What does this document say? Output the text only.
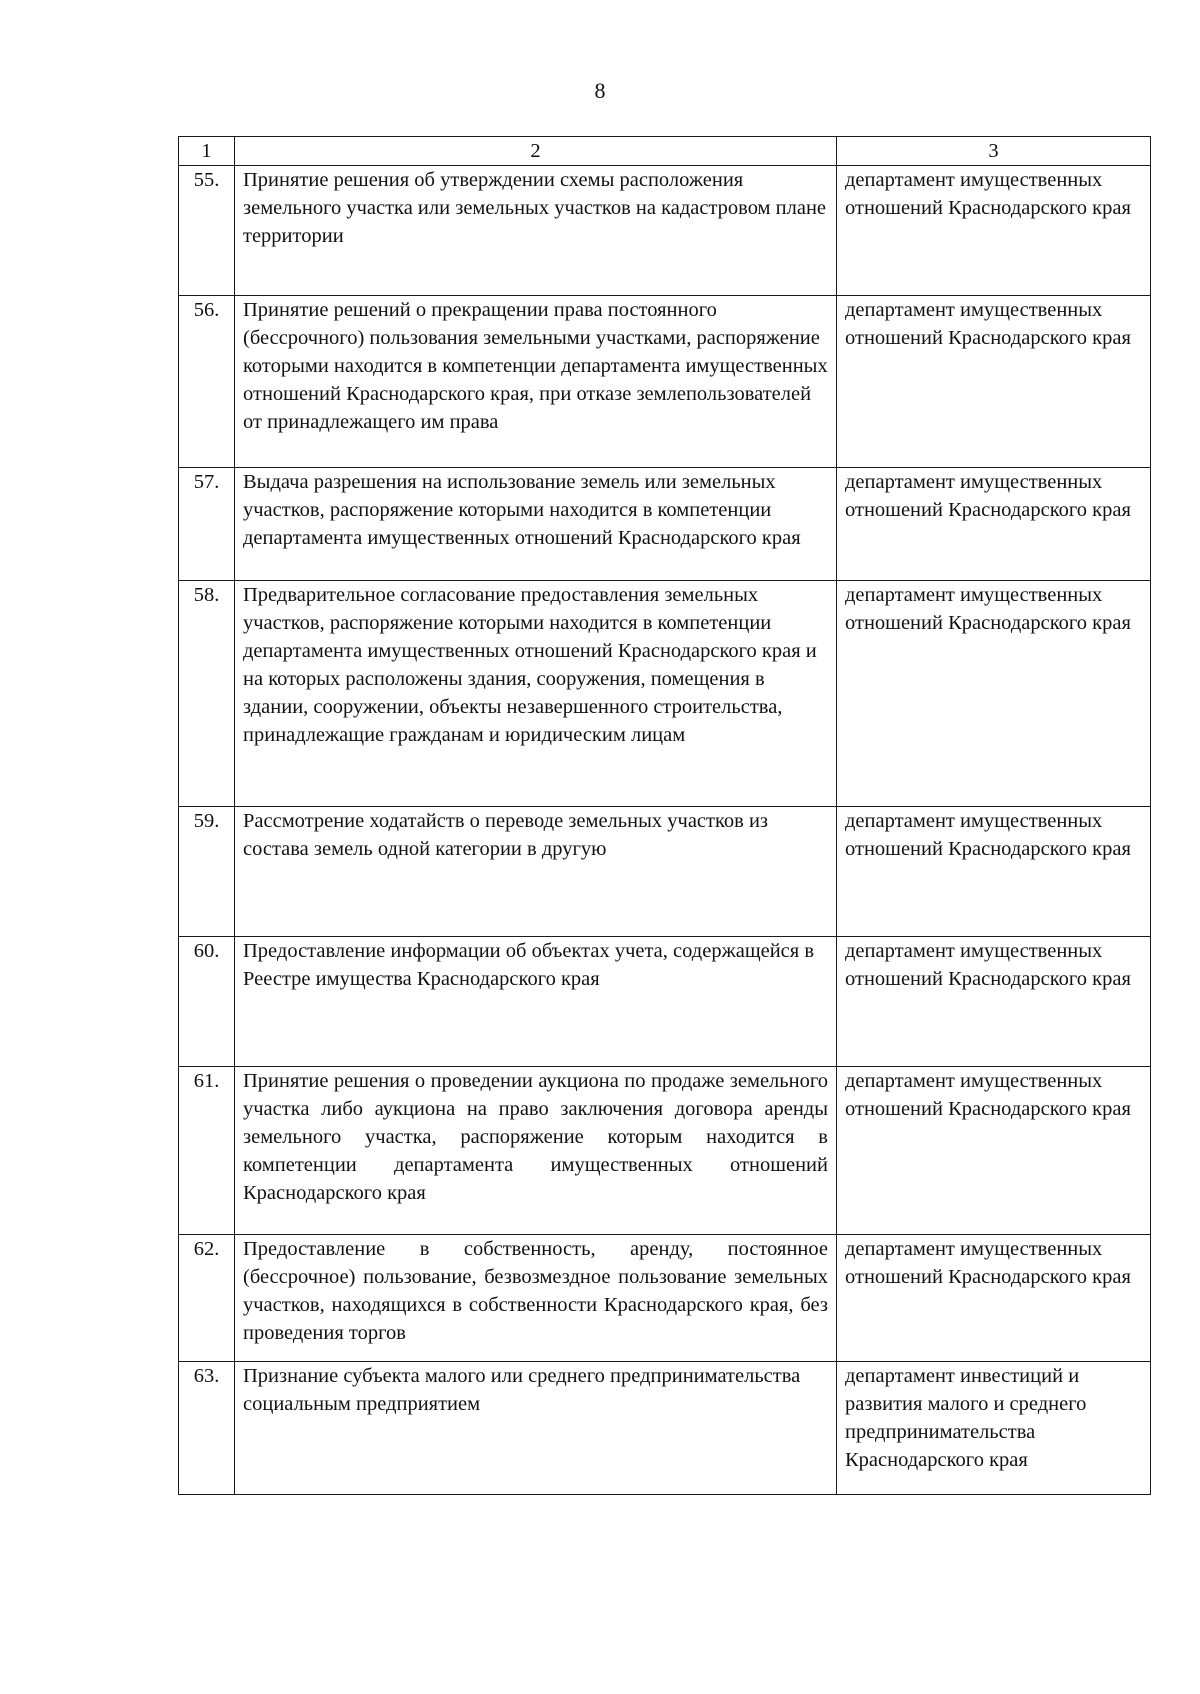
8
1	2	3
55.	Принятие решения об утверждении схемы расположения земельного участка или земельных участков на кадастровом плане территории	департамент имущественных отношений Краснодарского края
56.	Принятие решений о прекращении права постоянного (бессрочного) пользования земельными участками, распоряжение которыми находится в компетенции департамента имущественных отношений Краснодарского края, при отказе землепользователей от принадлежащего им права	департамент имущественных отношений Краснодарского края
57.	Выдача разрешения на использование земель или земельных участков, распоряжение которыми находится в компетенции департамента имущественных отношений Краснодарского края	департамент имущественных отношений Краснодарского края
58.	Предварительное согласование предоставления земельных участков, распоряжение которыми находится в компетенции департамента имущественных отношений Краснодарского края и на которых расположены здания, сооружения, помещения в здании, сооружении, объекты незавершенного строительства, принадлежащие гражданам и юридическим лицам	департамент имущественных отношений Краснодарского края
59.	Рассмотрение ходатайств о переводе земельных участков из состава земель одной категории в другую	департамент имущественных отношений Краснодарского края
60.	Предоставление информации об объектах учета, содержащейся в Реестре имущества Краснодарского края	департамент имущественных отношений Краснодарского края
61.	Принятие решения о проведении аукциона по продаже земельного участка либо аукциона на право заключения договора аренды земельного участка, распоряжение которым находится в компетенции департамента имущественных отношений Краснодарского края	департамент имущественных отношений Краснодарского края
62.	Предоставление в собственность, аренду, постоянное (бессрочное) пользование, безвозмездное пользование земельных участков, находящихся в собственности Краснодарского края, без проведения торгов	департамент имущественных отношений Краснодарского края
63.	Признание субъекта малого или среднего предпринимательства социальным предприятием	департамент инвестиций и развития малого и среднего предпринимательства Краснодарского края
